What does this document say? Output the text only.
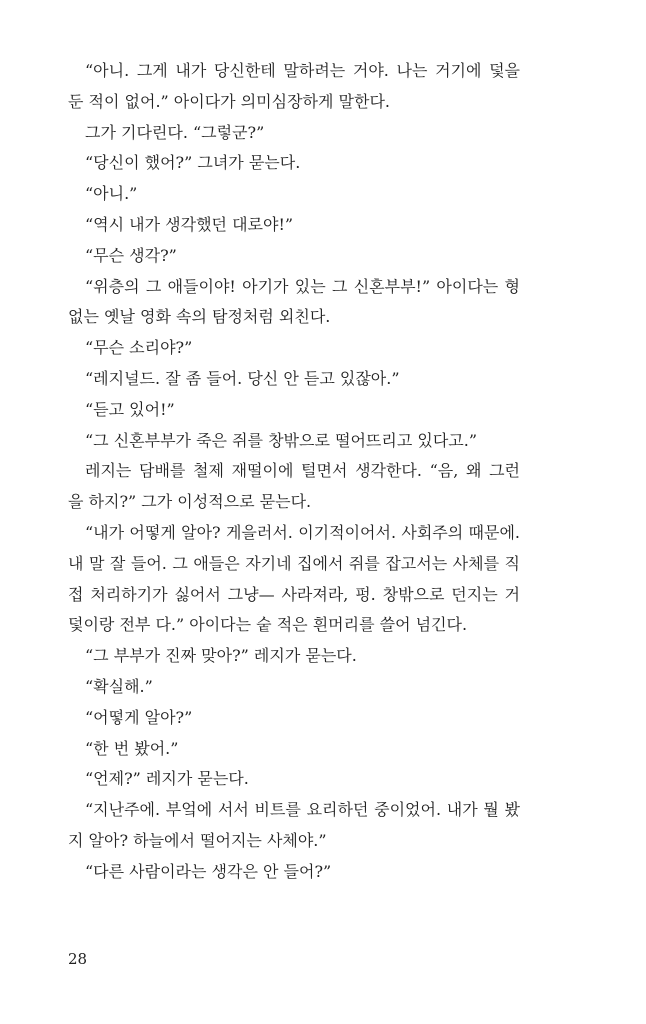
“아니. 그게 내가 당신한테 말하려는 거야. 나는 거기에 덫을
둔 적이 없어.” 아이다가 의미심장하게 말한다.
그가 기다린다. “그렇군?”
“당신이 했어?” 그녀가 묻는다.
“아니.”
“역시 내가 생각했던 대로야!”
“무슨 생각?”
“위층의 그 애들이야! 아기가 있는 그 신혼부부!” 아이다는 형
없는 옛날 영화 속의 탐정처럼 외친다.
“무슨 소리야?”
“레지널드. 잘 좀 들어. 당신 안 듣고 있잖아.”
“듣고 있어!”
“그 신혼부부가 죽은 쥐를 창밖으로 떨어뜨리고 있다고.”
레지는 담배를 철제 재떨이에 털면서 생각한다. “음, 왜 그런
을 하지?” 그가 이성적으로 묻는다.
“내가 어떻게 알아? 게을러서. 이기적이어서. 사회주의 때문에.
내 말 잘 들어. 그 애들은 자기네 집에서 쥐를 잡고서는 사체를 직
접 처리하기가 싫어서 그냥— 사라져라, 펑. 창밖으로 던지는 거
덫이랑 전부 다.” 아이다는 숱 적은 흰머리를 쓸어 넘긴다.
“그 부부가 진짜 맞아?” 레지가 묻는다.
“확실해.”
“어떻게 알아?”
“한 번 봤어.”
“언제?” 레지가 묻는다.
“지난주에. 부엌에 서서 비트를 요리하던 중이었어. 내가 뭘 봤
지 알아? 하늘에서 떨어지는 사체야.”
“다른 사람이라는 생각은 안 들어?”
28
